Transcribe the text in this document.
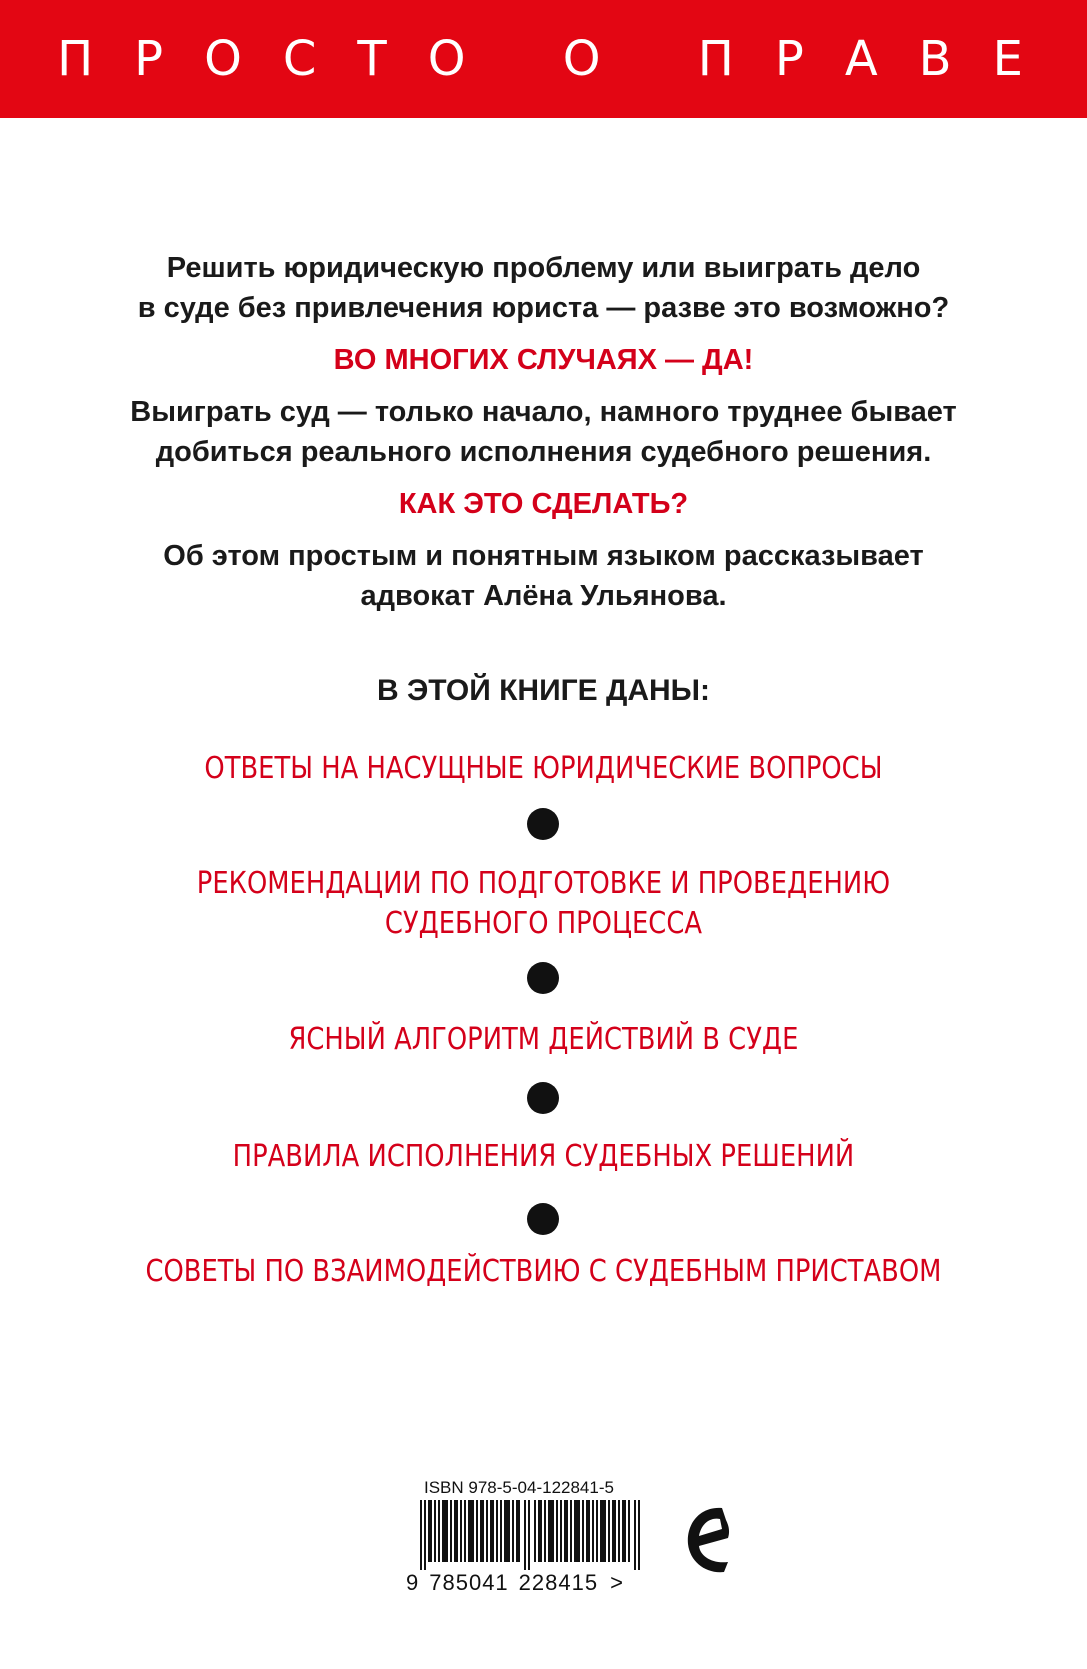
ПРОСТО О ПРАВЕ

Решить юридическую проблему или выиграть дело
в суде без привлечения юриста — разве это возможно?

ВО МНОГИХ СЛУЧАЯХ — ДА!

Выиграть суд — только начало, намного труднее бывает
добиться реального исполнения судебного решения.

КАК ЭТО СДЕЛАТЬ?

Об этом простым и понятным языком рассказывает
адвокат Алёна Ульянова.

В ЭТОЙ КНИГЕ ДАНЫ:
ОТВЕТЫ НА НАСУЩНЫЕ ЮРИДИЧЕСКИЕ ВОПРОСЫ
РЕКОМЕНДАЦИИ ПО ПОДГОТОВКЕ И ПРОВЕДЕНИЮ
СУДЕБНОГО ПРОЦЕССА
ЯСНЫЙ АЛГОРИТМ ДЕЙСТВИЙ В СУДЕ
ПРАВИЛА ИСПОЛНЕНИЯ СУДЕБНЫХ РЕШЕНИЙ
СОВЕТЫ ПО ВЗАИМОДЕЙСТВИЮ С СУДЕБНЫМ ПРИСТАВОМ
ISBN 978-5-04-122841-5
9 785041 228415 >
